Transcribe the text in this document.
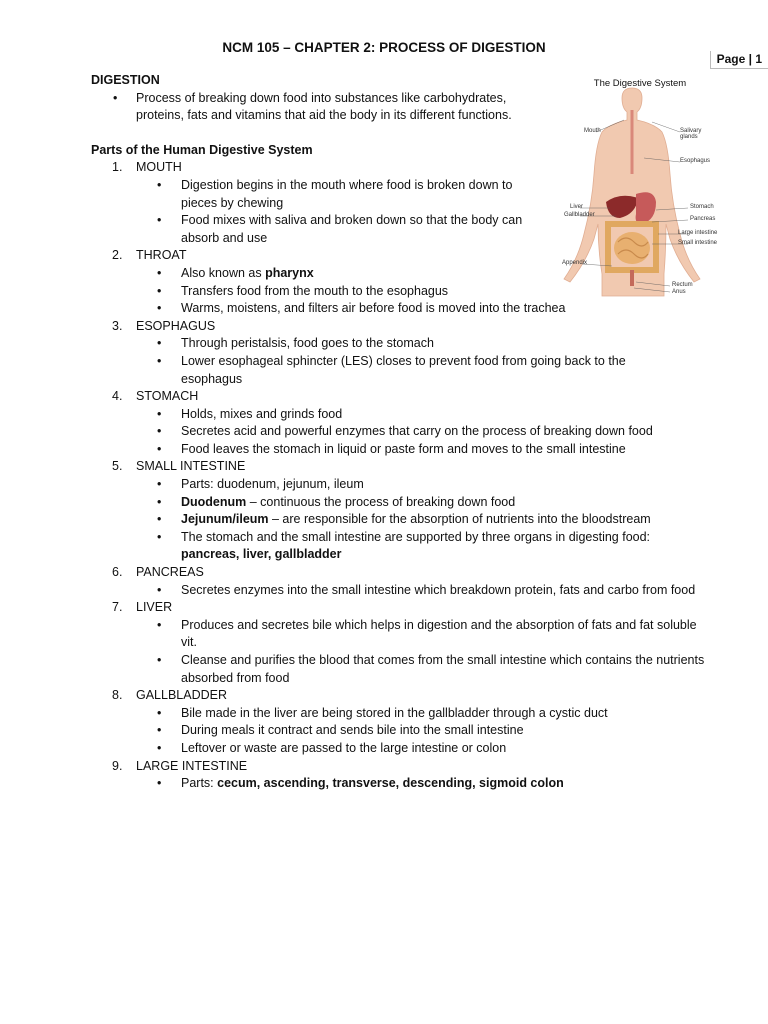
NCM 105 – CHAPTER 2: PROCESS OF DIGESTION
Page | 1
The Digestive System
Mouth	Salivary glands
Esophagus
Liver
Gallbladder
Stomach
Pancreas
Large intestine
Small intestine
Appendix
Rectum
Anus

DIGESTION

• Process of breaking down food into substances like carbohydrates, proteins, fats and vitamins that aid the body in its different functions.

Parts of the Human Digestive System

1. MOUTH

• Digestion begins in the mouth where food is broken down to pieces by chewing

• Food mixes with saliva and broken down so that the body can absorb and use

2. THROAT

• Also known as pharynx

• Transfers food from the mouth to the esophagus

• Warms, moistens, and filters air before food is moved into the trachea

3. ESOPHAGUS

• Through peristalsis, food goes to the stomach

• Lower esophageal sphincter (LES) closes to prevent food from going back to the esophagus

4. STOMACH

• Holds, mixes and grinds food

• Secretes acid and powerful enzymes that carry on the process of breaking down food

• Food leaves the stomach in liquid or paste form and moves to the small intestine

5. SMALL INTESTINE

• Parts: duodenum, jejunum, ileum

• Duodenum – continuous the process of breaking down food

• Jejunum/ileum – are responsible for the absorption of nutrients into the bloodstream

• The stomach and the small intestine are supported by three organs in digesting food:
pancreas, liver, gallbladder

6. PANCREAS

• Secretes enzymes into the small intestine which breakdown protein, fats and carbo from food

7. LIVER

• Produces and secretes bile which helps in digestion and the absorption of fats and fat soluble vit.

• Cleanse and purifies the blood that comes from the small intestine which contains the nutrients absorbed from food

8. GALLBLADDER

• Bile made in the liver are being stored in the gallbladder through a cystic duct

• During meals it contract and sends bile into the small intestine

• Leftover or waste are passed to the large intestine or colon

9. LARGE INTESTINE

• Parts: cecum, ascending, transverse, descending, sigmoid colon
